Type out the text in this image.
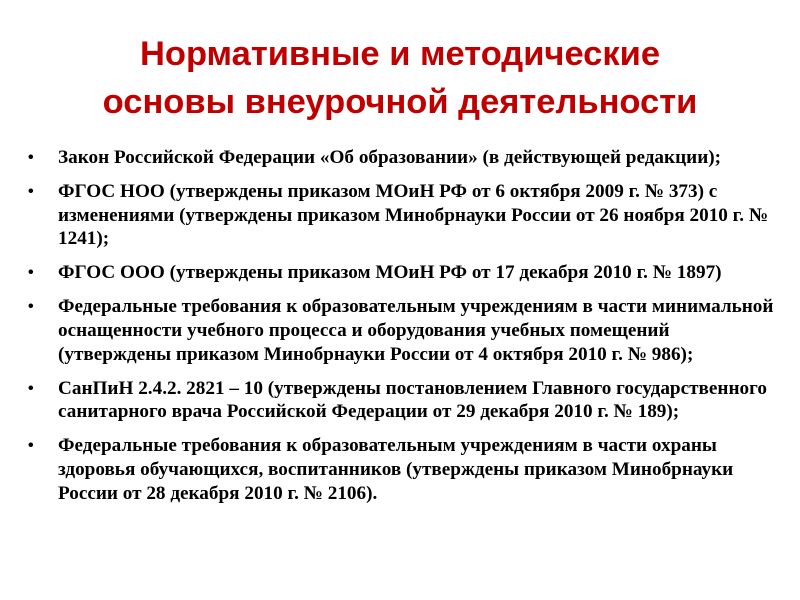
Нормативные и методические
основы внеурочной деятельности
• Закон Российской Федерации «Об образовании» (в действующей редакции);
• ФГОС НОО (утверждены приказом МОиН РФ от 6 октября 2009 г. № 373) с изменениями (утверждены приказом Минобрнауки России от 26 ноября 2010 г. № 1241);
• ФГОС ООО (утверждены приказом МОиН РФ от 17 декабря 2010 г. № 1897)
• Федеральные требования к образовательным учреждениям в части минимальной оснащенности учебного процесса и оборудования учебных помещений (утверждены приказом Минобрнауки России от 4 октября 2010 г. № 986);
• СанПиН 2.4.2. 2821 – 10 (утверждены постановлением Главного государственного санитарного врача Российской Федерации от 29 декабря 2010 г. № 189);
• Федеральные требования к образовательным учреждениям в части охраны здоровья обучающихся, воспитанников (утверждены приказом Минобрнауки России от 28 декабря 2010 г. № 2106).
